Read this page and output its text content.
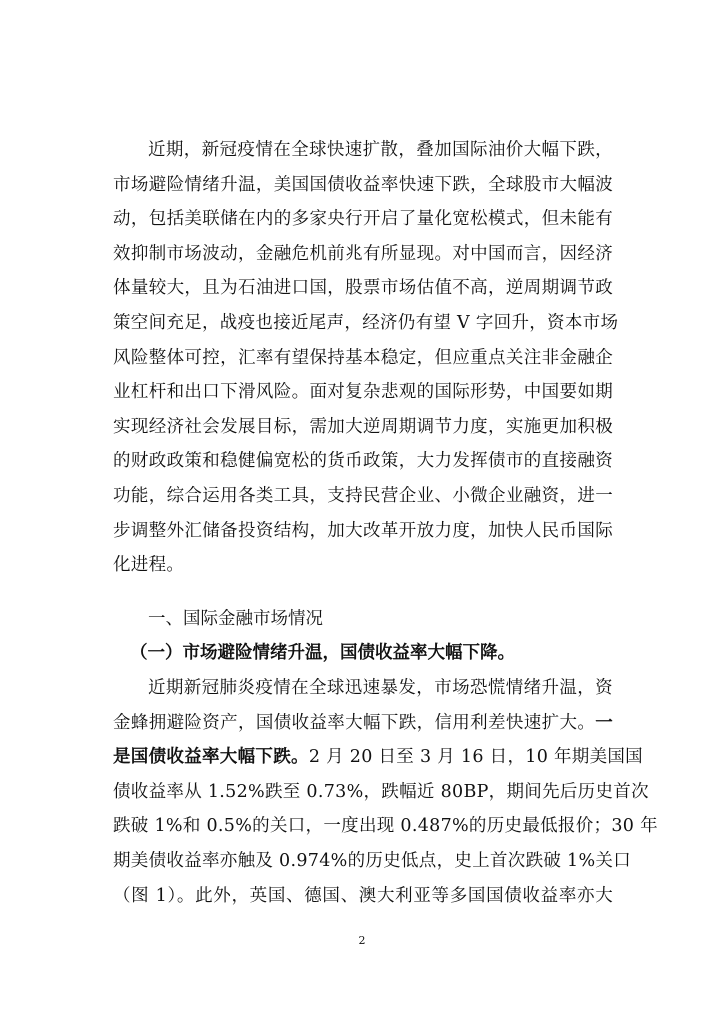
近期，新冠疫情在全球快速扩散，叠加国际油价大幅下跌，
市场避险情绪升温，美国国债收益率快速下跌，全球股市大幅波
动，包括美联储在内的多家央行开启了量化宽松模式，但未能有
效抑制市场波动，金融危机前兆有所显现。对中国而言，因经济
体量较大，且为石油进口国，股票市场估值不高，逆周期调节政
策空间充足，战疫也接近尾声，经济仍有望 V 字回升，资本市场
风险整体可控，汇率有望保持基本稳定，但应重点关注非金融企
业杠杆和出口下滑风险。面对复杂悲观的国际形势，中国要如期
实现经济社会发展目标，需加大逆周期调节力度，实施更加积极
的财政政策和稳健偏宽松的货币政策，大力发挥债市的直接融资
功能，综合运用各类工具，支持民营企业、小微企业融资，进一
步调整外汇储备投资结构，加大改革开放力度，加快人民币国际
化进程。
一、国际金融市场情况
（一）市场避险情绪升温，国债收益率大幅下降。
近期新冠肺炎疫情在全球迅速暴发，市场恐慌情绪升温，资
金蜂拥避险资产，国债收益率大幅下跌，信用利差快速扩大。一
是国债收益率大幅下跌。2 月 20 日至 3 月 16 日，10 年期美国国
债收益率从 1.52%跌至 0.73%，跌幅近 80BP，期间先后历史首次
跌破 1%和 0.5%的关口，一度出现 0.487%的历史最低报价；30 年
期美债收益率亦触及 0.974%的历史低点，史上首次跌破 1%关口
（图 1）。此外，英国、德国、澳大利亚等多国国债收益率亦大
2
